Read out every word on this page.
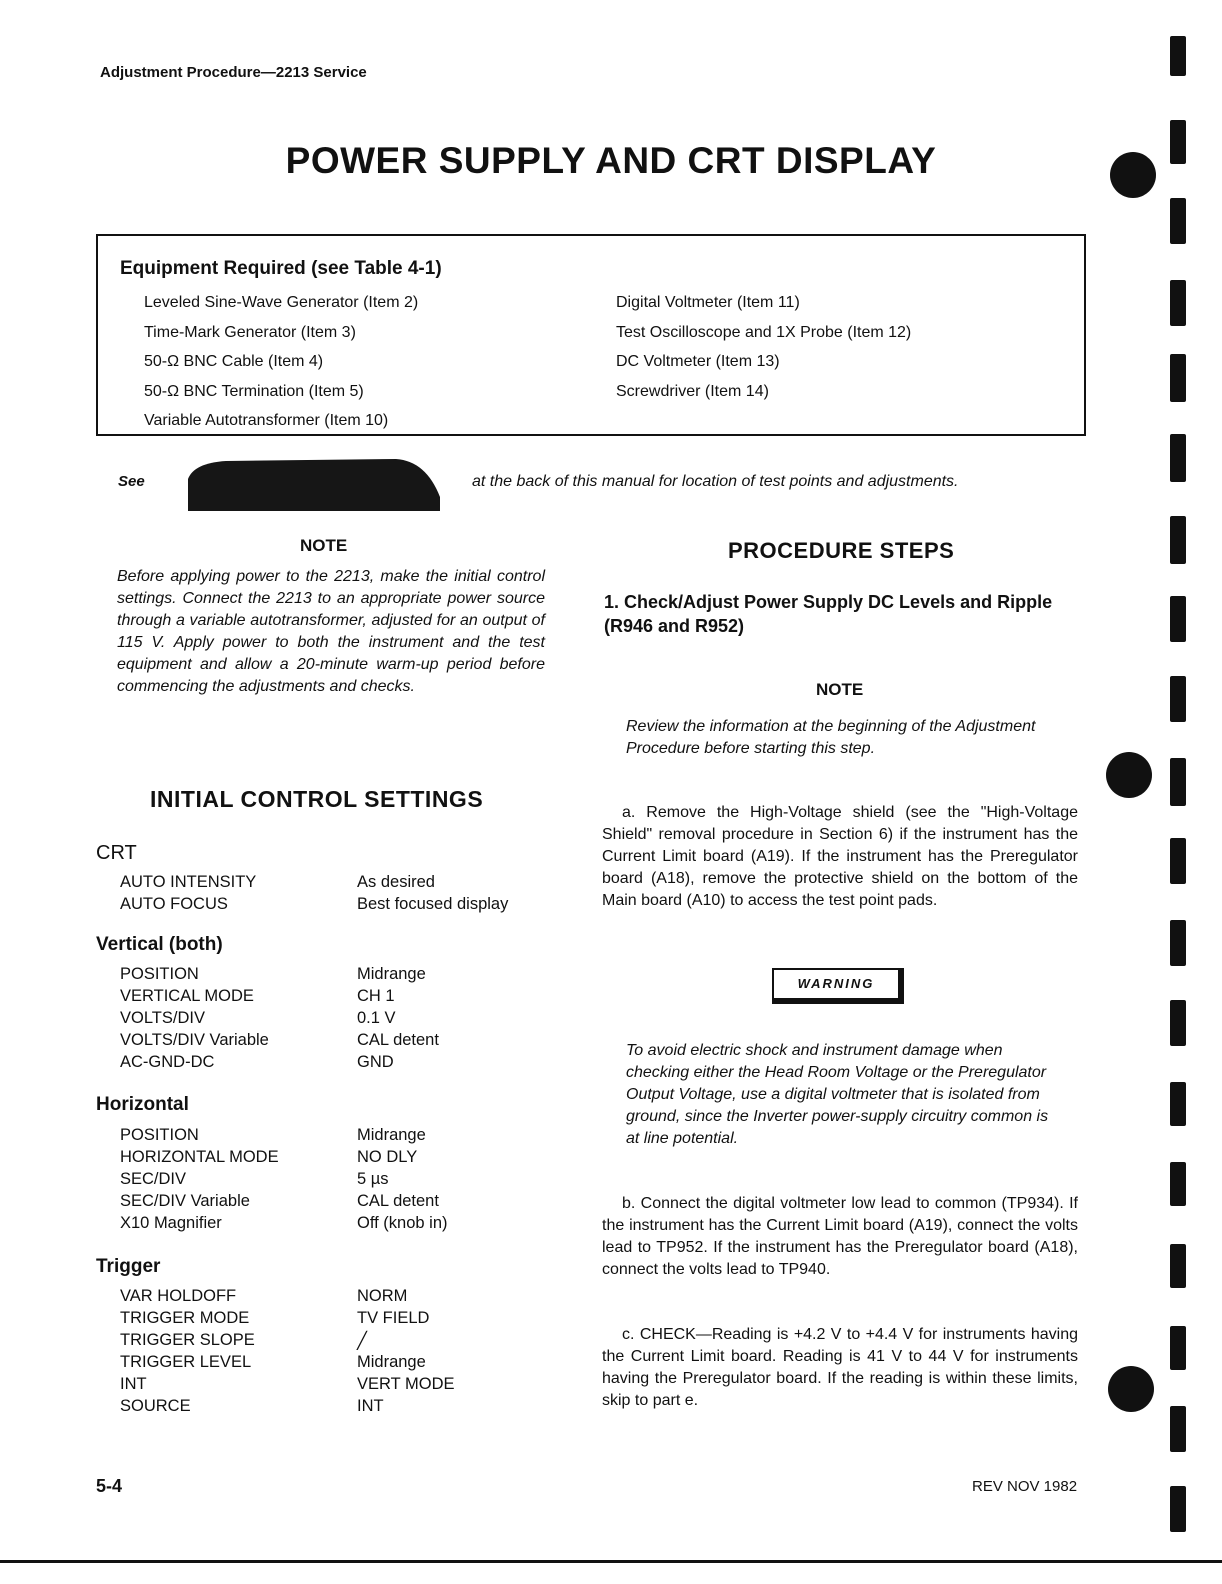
Adjustment Procedure—2213 Service
POWER SUPPLY AND CRT DISPLAY
Equipment Required (see Table 4-1)
Leveled Sine-Wave Generator (Item 2)
Time-Mark Generator (Item 3)
50-Ω BNC Cable (Item 4)
50-Ω BNC Termination (Item 5)
Variable Autotransformer (Item 10)
Digital Voltmeter (Item 11)
Test Oscilloscope and 1X Probe (Item 12)
DC Voltmeter (Item 13)
Screwdriver (Item 14)
See	at the back of this manual for location of test points and adjustments.
NOTE
Before applying power to the 2213, make the initial control settings. Connect the 2213 to an appropriate power source through a variable autotransformer, adjusted for an output of 115 V. Apply power to both the instrument and the test equipment and allow a 20-minute warm-up period before commencing the adjustments and checks.
INITIAL CONTROL SETTINGS
CRT
AUTO INTENSITY	As desired
AUTO FOCUS	Best focused display
Vertical (both)
POSITION	Midrange
VERTICAL MODE	CH 1
VOLTS/DIV	0.1 V
VOLTS/DIV Variable	CAL detent
AC-GND-DC	GND
Horizontal
POSITION	Midrange
HORIZONTAL MODE	NO DLY
SEC/DIV	5 µs
SEC/DIV Variable	CAL detent
X10 Magnifier	Off (knob in)
Trigger
VAR HOLDOFF	NORM
TRIGGER MODE	TV FIELD
TRIGGER SLOPE	╱
TRIGGER LEVEL	Midrange
INT	VERT MODE
SOURCE	INT
PROCEDURE STEPS
1. Check/Adjust Power Supply DC Levels and Ripple (R946 and R952)
NOTE
Review the information at the beginning of the Adjustment Procedure before starting this step.
a. Remove the High-Voltage shield (see the "High-Voltage Shield" removal procedure in Section 6) if the instrument has the Current Limit board (A19). If the instrument has the Preregulator board (A18), remove the protective shield on the bottom of the Main board (A10) to access the test point pads.
WARNING
To avoid electric shock and instrument damage when checking either the Head Room Voltage or the Preregulator Output Voltage, use a digital voltmeter that is isolated from ground, since the Inverter power-supply circuitry common is at line potential.
b. Connect the digital voltmeter low lead to common (TP934). If the instrument has the Current Limit board (A19), connect the volts lead to TP952. If the instrument has the Preregulator board (A18), connect the volts lead to TP940.
c. CHECK—Reading is +4.2 V to +4.4 V for instruments having the Current Limit board. Reading is 41 V to 44 V for instruments having the Preregulator board. If the reading is within these limits, skip to part e.
5-4	REV NOV 1982
